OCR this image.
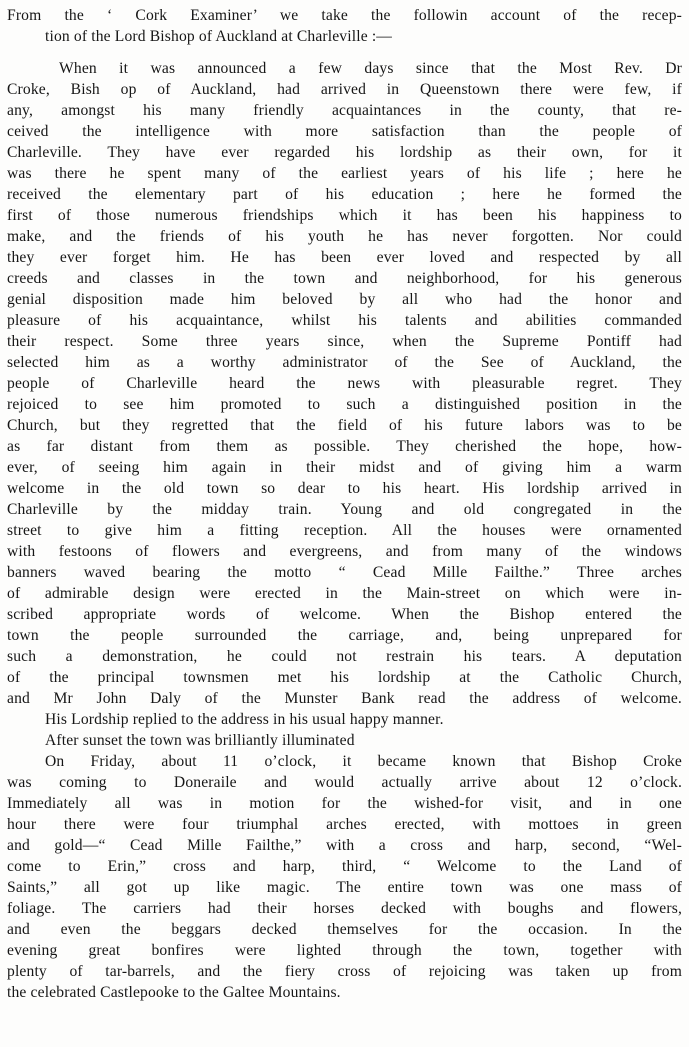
From the ‘ Cork Examiner’ we take the followin account of the recep-
tion of the Lord Bishop of Auckland at Charleville :—
When it was announced a few days since that the Most Rev. Dr
Croke, Bish op of Auckland, had arrived in Queenstown there were few, if
any, amongst his many friendly acquaintances in the county, that re-
ceived the intelligence with more satisfaction than the people of
Charleville. They have ever regarded his lordship as their own, for it
was there he spent many of the earliest years of his life ; here he
received the elementary part of his education ; here he formed the
first of those numerous friendships which it has been his happiness to
make, and the friends of his youth he has never forgotten. Nor could
they ever forget him. He has been ever loved and respected by all
creeds and classes in the town and neighborhood, for his generous
genial disposition made him beloved by all who had the honor and
pleasure of his acquaintance, whilst his talents and abilities commanded
their respect. Some three years since, when the Supreme Pontiff had
selected him as a worthy administrator of the See of Auckland, the
people of Charleville heard the news with pleasurable regret. They
rejoiced to see him promoted to such a distinguished position in the
Church, but they regretted that the field of his future labors was to be
as far distant from them as possible. They cherished the hope, how-
ever, of seeing him again in their midst and of giving him a warm
welcome in the old town so dear to his heart. His lordship arrived in
Charleville by the midday train. Young and old congregated in the
street to give him a fitting reception. All the houses were ornamented
with festoons of flowers and evergreens, and from many of the windows
banners waved bearing the motto “ Cead Mille Failthe.” Three arches
of admirable design were erected in the Main-street on which were in-
scribed appropriate words of welcome. When the Bishop entered the
town the people surrounded the carriage, and, being unprepared for
such a demonstration, he could not restrain his tears. A deputation
of the principal townsmen met his lordship at the Catholic Church,
and Mr John Daly of the Munster Bank read the address of welcome.
His Lordship replied to the address in his usual happy manner.
After sunset the town was brilliantly illuminated
On Friday, about 11 o’clock, it became known that Bishop Croke
was coming to Doneraile and would actually arrive about 12 o’clock.
Immediately all was in motion for the wished-for visit, and in one
hour there were four triumphal arches erected, with mottoes in green
and gold—“ Cead Mille Failthe,” with a cross and harp, second, “Wel-
come to Erin,” cross and harp, third, “ Welcome to the Land of
Saints,” all got up like magic. The entire town was one mass of
foliage. The carriers had their horses decked with boughs and flowers,
and even the beggars decked themselves for the occasion. In the
evening great bonfires were lighted through the town, together with
plenty of tar-barrels, and the fiery cross of rejoicing was taken up from
the celebrated Castlepooke to the Galtee Mountains.
